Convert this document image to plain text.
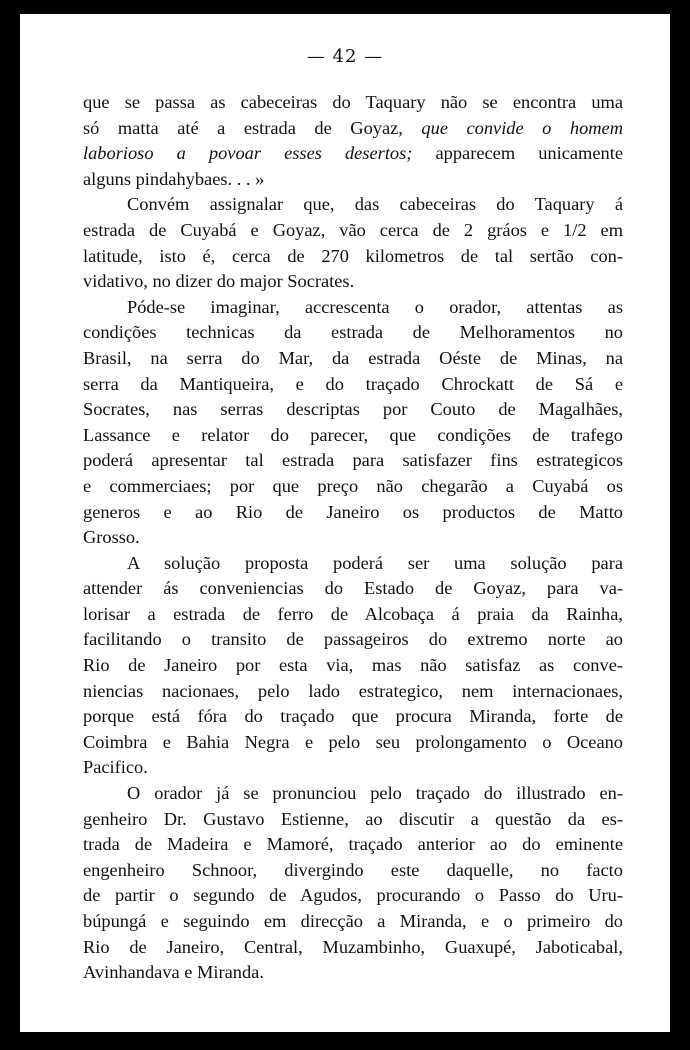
— 42 —
que se passa as cabeceiras do Taquary não se encontra uma
só matta até a estrada de Goyaz, que convide o homem
laborioso a povoar esses desertos; apparecem unicamente
alguns pindahybaes. . . »
Convém assignalar que, das cabeceiras do Taquary á
estrada de Cuyabá e Goyaz, vão cerca de 2 gráos e 1/2 em
latitude, isto é, cerca de 270 kilometros de tal sertão con-
vidativo, no dizer do major Socrates.
Póde-se imaginar, accrescenta o orador, attentas as
condições technicas da estrada de Melhoramentos no
Brasil, na serra do Mar, da estrada Oéste de Minas, na
serra da Mantiqueira, e do traçado Chrockatt de Sá e
Socrates, nas serras descriptas por Couto de Magalhães,
Lassance e relator do parecer, que condições de trafego
poderá apresentar tal estrada para satisfazer fins estrategicos
e commerciaes; por que preço não chegarão a Cuyabá os
generos e ao Rio de Janeiro os productos de Matto
Grosso.
A solução proposta poderá ser uma solução para
attender ás conveniencias do Estado de Goyaz, para va-
lorisar a estrada de ferro de Alcobaça á praia da Rainha,
facilitando o transito de passageiros do extremo norte ao
Rio de Janeiro por esta via, mas não satisfaz as conve-
niencias nacionaes, pelo lado estrategico, nem internacionaes,
porque está fóra do traçado que procura Miranda, forte de
Coimbra e Bahia Negra e pelo seu prolongamento o Oceano
Pacifico.
O orador já se pronunciou pelo traçado do illustrado en-
genheiro Dr. Gustavo Estienne, ao discutir a questão da es-
trada de Madeira e Mamoré, traçado anterior ao do eminente
engenheiro Schnoor, divergindo este daquelle, no facto
de partir o segundo de Agudos, procurando o Passo do Uru-
búpungá e seguindo em direcção a Miranda, e o primeiro do
Rio de Janeiro, Central, Muzambinho, Guaxupé, Jaboticabal,
Avinhandava e Miranda.
